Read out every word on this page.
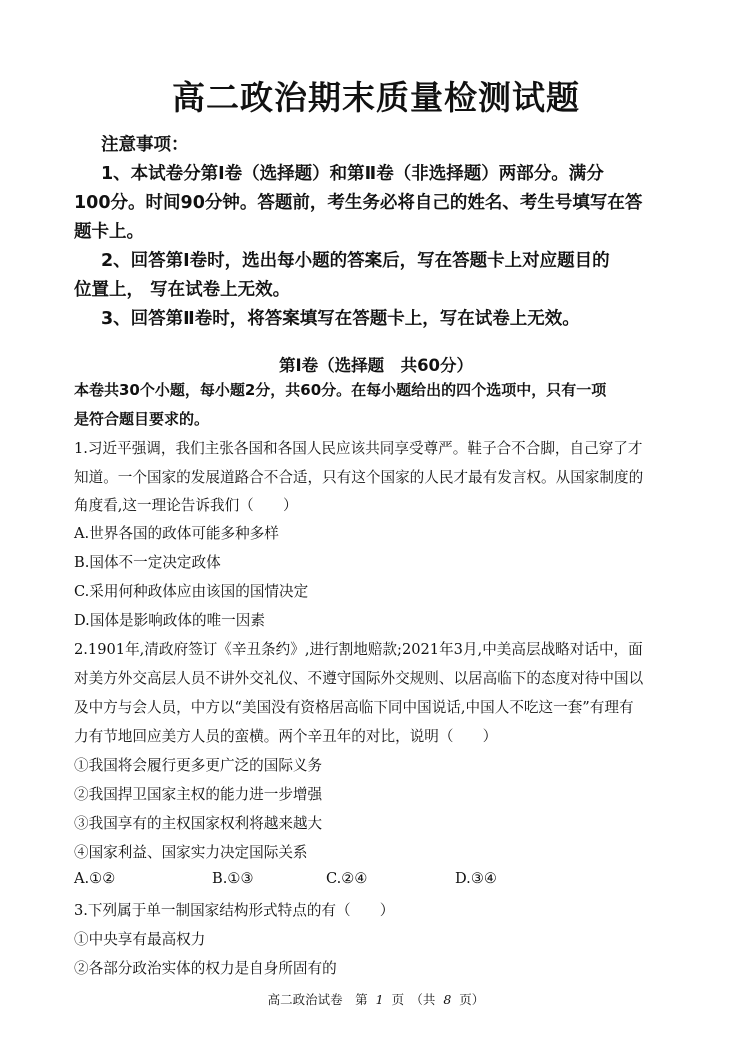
高二政治期末质量检测试题
注意事项：
1、本试卷分第Ⅰ卷（选择题）和第Ⅱ卷（非选择题）两部分。满分
100分。时间90分钟。答题前，考生务必将自己的姓名、考生号填写在答
题卡上。
2、回答第Ⅰ卷时，选出每小题的答案后，写在答题卡上对应题目的
位置上， 写在试卷上无效。
3、回答第Ⅱ卷时，将答案填写在答题卡上，写在试卷上无效。
第Ⅰ卷（选择题　共60分）
本卷共30个小题，每小题2分，共60分。在每小题给出的四个选项中，只有一项
是符合题目要求的。
1.习近平强调，我们主张各国和各国人民应该共同享受尊严。鞋子合不合脚，自己穿了才
知道。一个国家的发展道路合不合适，只有这个国家的人民才最有发言权。从国家制度的
角度看,这一理论告诉我们（　　）
A.世界各国的政体可能多种多样
B.国体不一定决定政体
C.采用何种政体应由该国的国情决定
D.国体是影响政体的唯一因素
2.1901年,清政府签订《辛丑条约》,进行割地赔款;2021年3月,中美高层战略对话中，面
对美方外交高层人员不讲外交礼仪、不遵守国际外交规则、以居高临下的态度对待中国以
及中方与会人员，中方以“美国没有资格居高临下同中国说话,中国人不吃这一套”有理有
力有节地回应美方人员的蛮横。两个辛丑年的对比，说明（　　）
①我国将会履行更多更广泛的国际义务
②我国捍卫国家主权的能力进一步增强
③我国享有的主权国家权利将越来越大
④国家利益、国家实力决定国际关系
A.①②	B.①③	C.②④	D.③④
3.下列属于单一制国家结构形式特点的有（　　）
①中央享有最高权力
②各部分政治实体的权力是自身所固有的
高二政治试卷　第 1 页　（共 8 页）
